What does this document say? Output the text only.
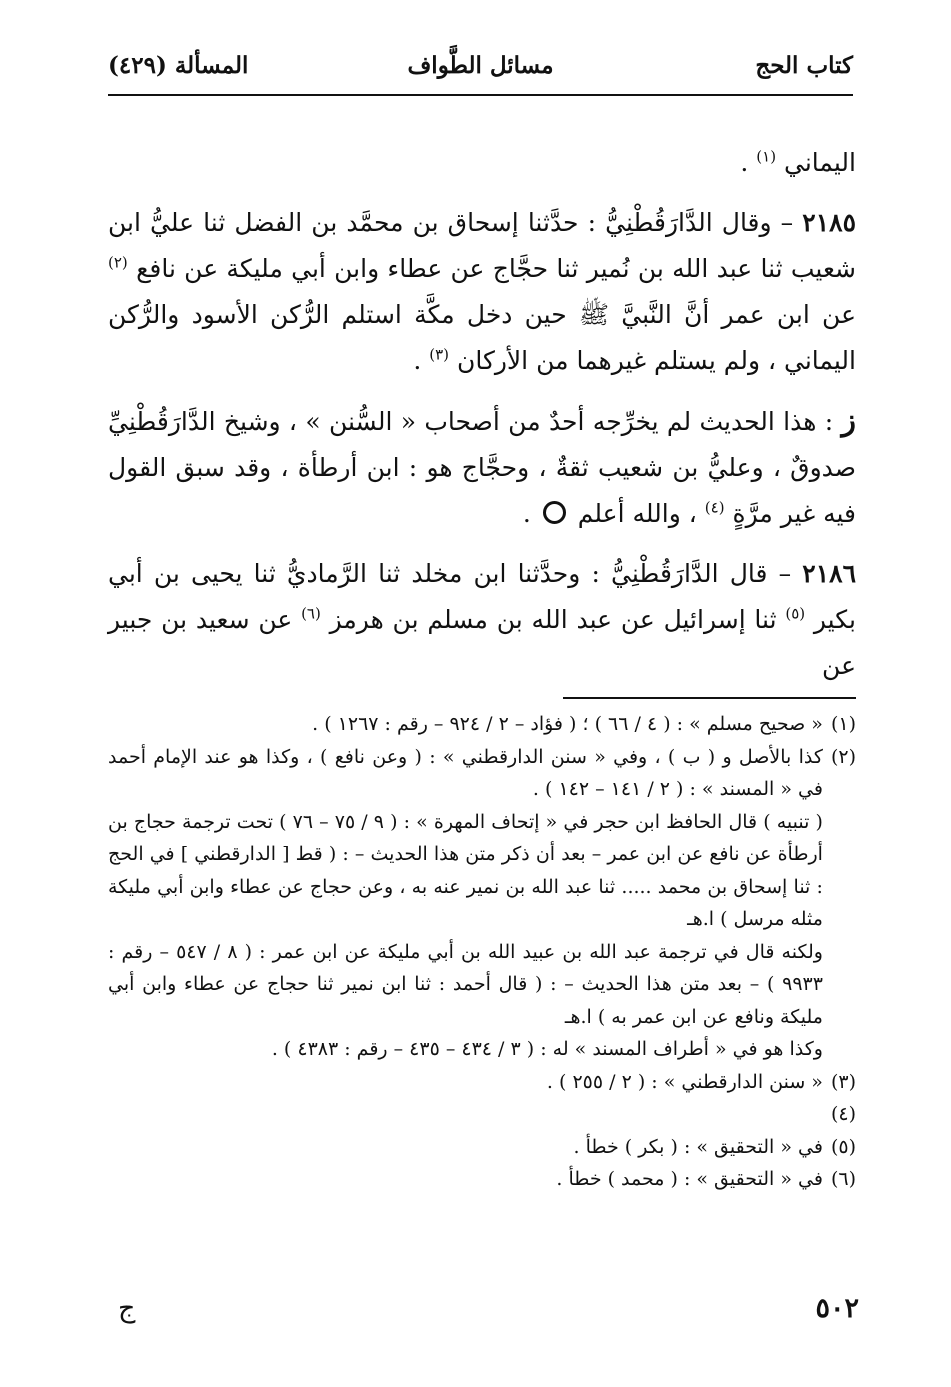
كتاب الحج
مسائل الطَّواف
المسألة (٤٢٩)

اليماني $^{(١)}$ .

٢١٨٥ – وقال الدَّارَقُطْنِيُّ : حدَّثنا إسحاق بن محمَّد بن الفضل ثنا عليُّ ابن شعيب ثنا عبد الله بن نُمير ثنا حجَّاج عن عطاء وابن أبي مليكة عن نافع $^{(٢)}$ عن ابن عمر أنَّ النَّبيَّ ﷺ حين دخل مكَّة استلم الرُّكن الأسود والرُّكن اليماني ، ولم يستلم غيرهما من الأركان $^{(٣)}$ .

ز : هذا الحديث لم يخرِّجه أحدٌ من أصحاب « السُّنن » ، وشيخ الدَّارَقُطْنِيِّ صدوقٌ ، وعليُّ بن شعيب ثقةٌ ، وحجَّاج هو : ابن أرطأة ، وقد سبق القول فيه غير مرَّةٍ $^{(٤)}$ ، والله أعلم  .

٢١٨٦ – قال الدَّارَقُطْنِيُّ : وحدَّثنا ابن مخلد ثنا الرَّماديُّ ثنا يحيى بن أبي بكير $^{(٥)}$ ثنا إسرائيل عن عبد الله بن مسلم بن هرمز $^{(٦)}$ عن سعيد بن جبير عن

(١)
« صحيح مسلم » : ( ٤ / ٦٦ ) ؛ ( فؤاد – ٢ / ٩٢٤ – رقم : ١٢٦٧ ) .
(٢)
كذا بالأصل و ( ب ) ، وفي « سنن الدارقطني » : ( وعن نافع ) ، وكذا هو عند الإمام أحمد في « المسند » : ( ٢ / ١٤١ – ١٤٢ ) .
( تنبيه ) قال الحافظ ابن حجر في « إتحاف المهرة » : ( ٩ / ٧٥ – ٧٦ ) تحت ترجمة حجاج بن أرطأة عن نافع عن ابن عمر – بعد أن ذكر متن هذا الحديث – : ( قط [ الدارقطني ] في الحج : ثنا إسحاق بن محمد ..... ثنا عبد الله بن نمير عنه به ، وعن حجاج عن عطاء وابن أبي مليكة مثله مرسل ) ا.هـ
ولكنه قال في ترجمة عبد الله بن عبيد الله بن أبي مليكة عن ابن عمر : ( ٨ / ٥٤٧ – رقم : ٩٩٣٣ ) – بعد متن هذا الحديث – : ( قال أحمد : ثنا ابن نمير ثنا حجاج عن عطاء وابن أبي مليكة ونافع عن ابن عمر به ) ا.هـ
وكذا هو في « أطراف المسند » له : ( ٣ / ٤٣٤ – ٤٣٥ – رقم : ٤٣٨٣ ) .
(٣)
« سنن الدارقطني » : ( ٢ / ٢٥٥ ) .
(٤)
(٥)
في « التحقيق » : ( بكر ) خطأ .
(٦)
في « التحقيق » : ( محمد ) خطأ .
٥٠٢
ج
